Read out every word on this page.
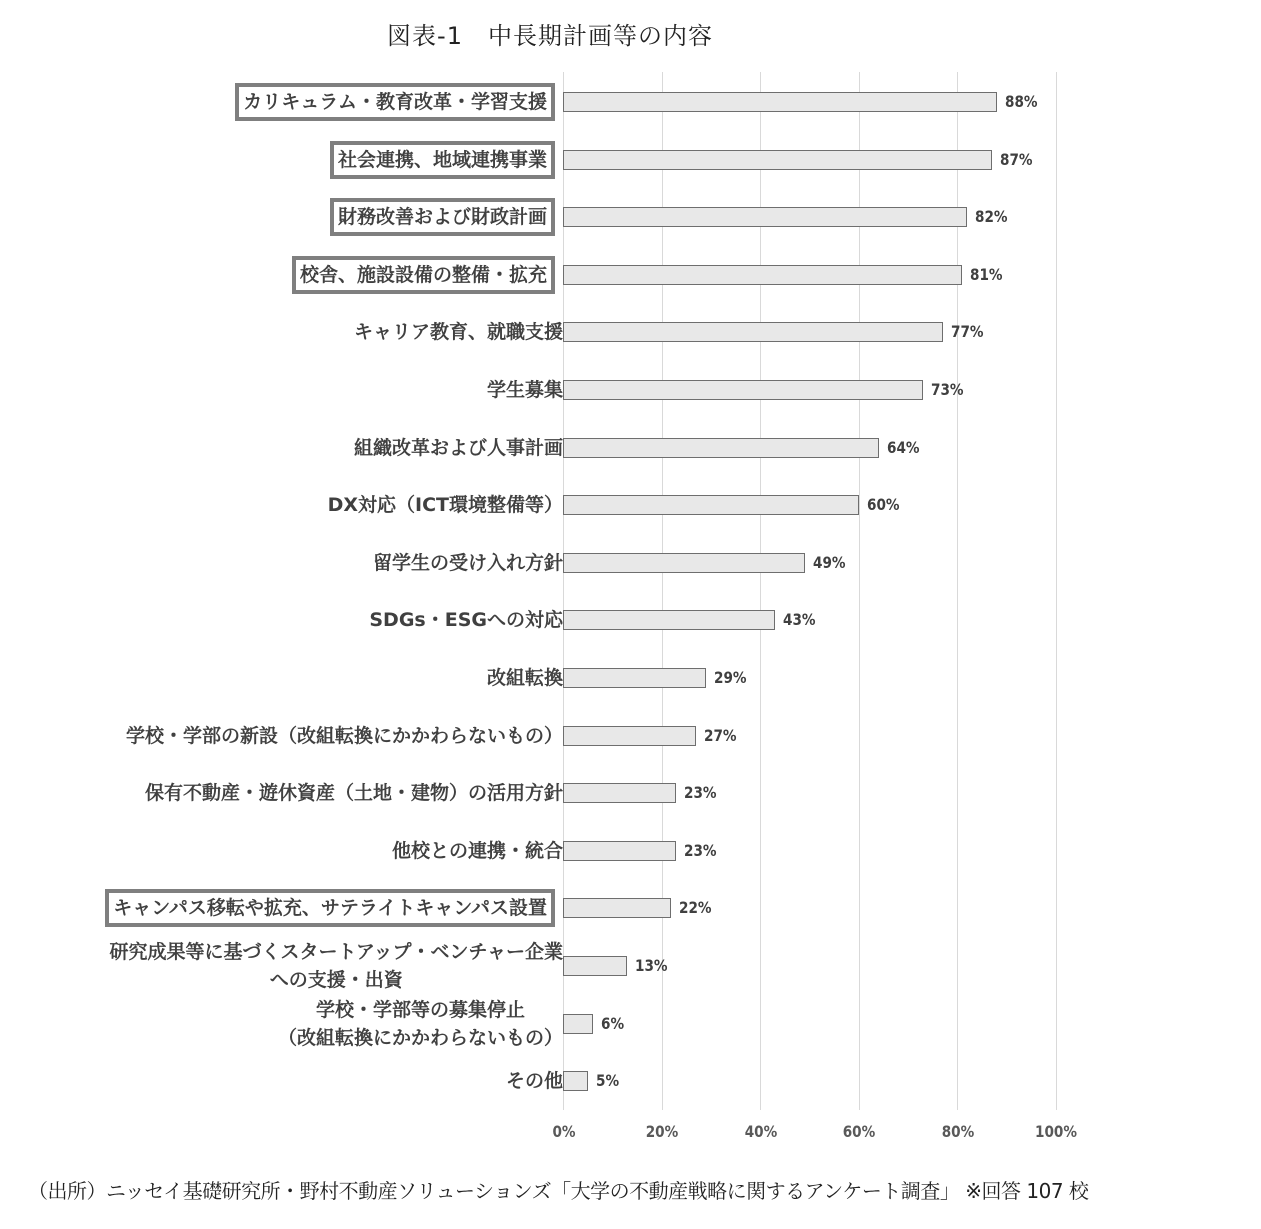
図表-1　中長期計画等の内容
カリキュラム・教育改革・学習支援
社会連携、地域連携事業
財務改善および財政計画
校舎、施設設備の整備・拡充
キャリア教育、就職支援
学生募集
組織改革および人事計画
DX対応（ICT環境整備等）
留学生の受け入れ方針
SDGs・ESGへの対応
改組転換
学校・学部の新設（改組転換にかかわらないもの）
保有不動産・遊休資産（土地・建物）の活用方針
他校との連携・統合
キャンパス移転や拡充、サテライトキャンパス設置
研究成果等に基づくスタートアップ・ベンチャー企業
への支援・出資
学校・学部等の募集停止
（改組転換にかかわらないもの）
その他
88%
87%
82%
81%
77%
73%
64%
60%
49%
43%
29%
27%
23%
23%
22%
13%
6%
5%
0%	20%	40%	60%	80%	100%
（出所）ニッセイ基礎研究所・野村不動産ソリューションズ「大学の不動産戦略に関するアンケート調査」 ※回答 107 校
